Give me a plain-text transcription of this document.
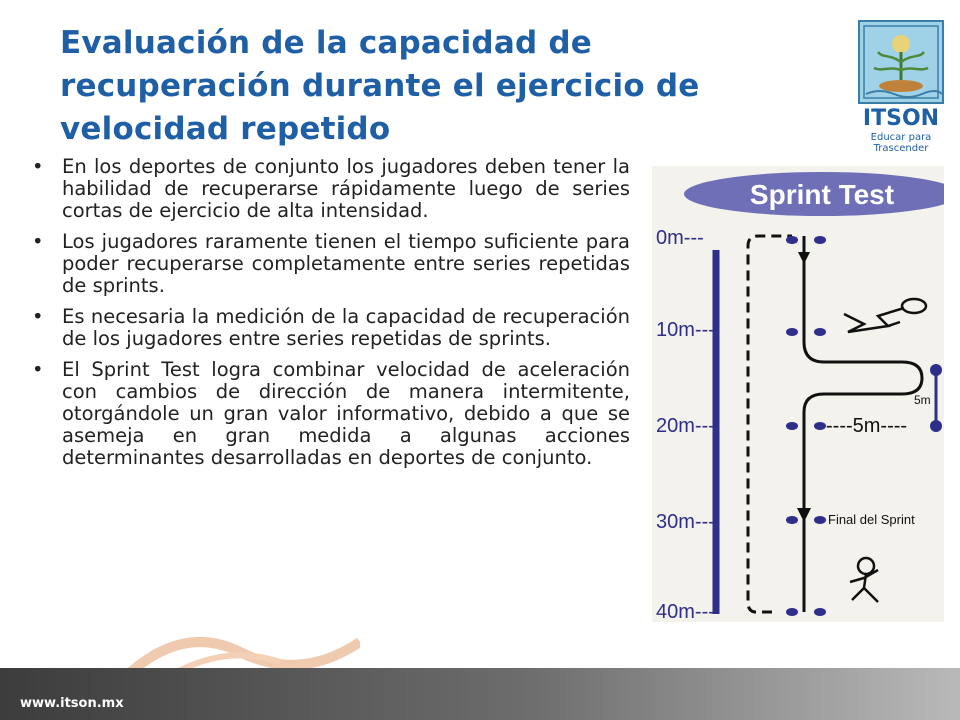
Evaluación de la capacidad de recuperación durante el ejercicio de velocidad repetido	ITSON
Educar para
Trascender
• En los deportes de conjunto los jugadores deben tener la habilidad de recuperarse rápidamente luego de series cortas de ejercicio de alta intensidad.
• Los jugadores raramente tienen el tiempo suficiente para poder recuperarse completamente entre series repetidas de sprints.
• Es necesaria la medición de la capacidad de recuperación de los jugadores entre series repetidas de sprints.
• El Sprint Test logra combinar velocidad de aceleración con cambios de dirección de manera intermitente, otorgándole un gran valor informativo, debido a que se asemeja en gran medida a algunas acciones determinantes desarrolladas en deportes de conjunto.
Sprint Test
0m---
10m---
20m---
30m---
40m---
5m
----5m----
Final del Sprint
www.itson.mx
